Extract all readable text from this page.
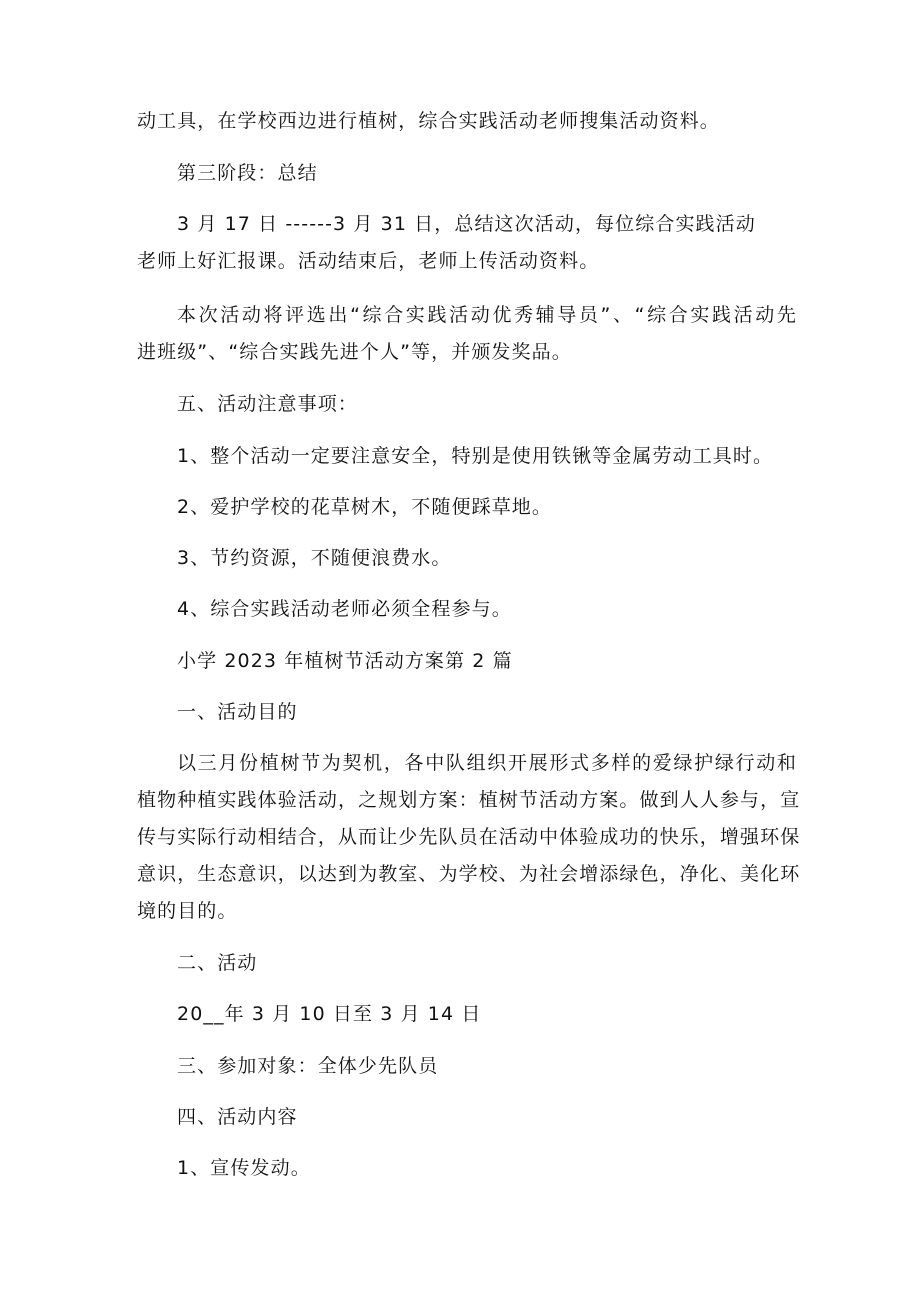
动工具，在学校西边进行植树，综合实践活动老师搜集活动资料。
第三阶段：总结
3 月 17 日 ------3 月 31 日，总结这次活动，每位综合实践活动
老师上好汇报课。活动结束后，老师上传活动资料。
本次活动将评选出“综合实践活动优秀辅导员”、“综合实践活动先
进班级”、“综合实践先进个人”等，并颁发奖品。
五、活动注意事项：
1、整个活动一定要注意安全，特别是使用铁锹等金属劳动工具时。
2、爱护学校的花草树木，不随便踩草地。
3、节约资源，不随便浪费水。
4、综合实践活动老师必须全程参与。
小学 2023 年植树节活动方案第 2 篇
一、活动目的
以三月份植树节为契机，各中队组织开展形式多样的爱绿护绿行动和
植物种植实践体验活动，之规划方案：植树节活动方案。做到人人参与，宣
传与实际行动相结合，从而让少先队员在活动中体验成功的快乐，增强环保
意识，生态意识，以达到为教室、为学校、为社会增添绿色，净化、美化环
境的目的。
二、活动
20__年 3 月 10 日至 3 月 14 日
三、参加对象：全体少先队员
四、活动内容
1、宣传发动。
